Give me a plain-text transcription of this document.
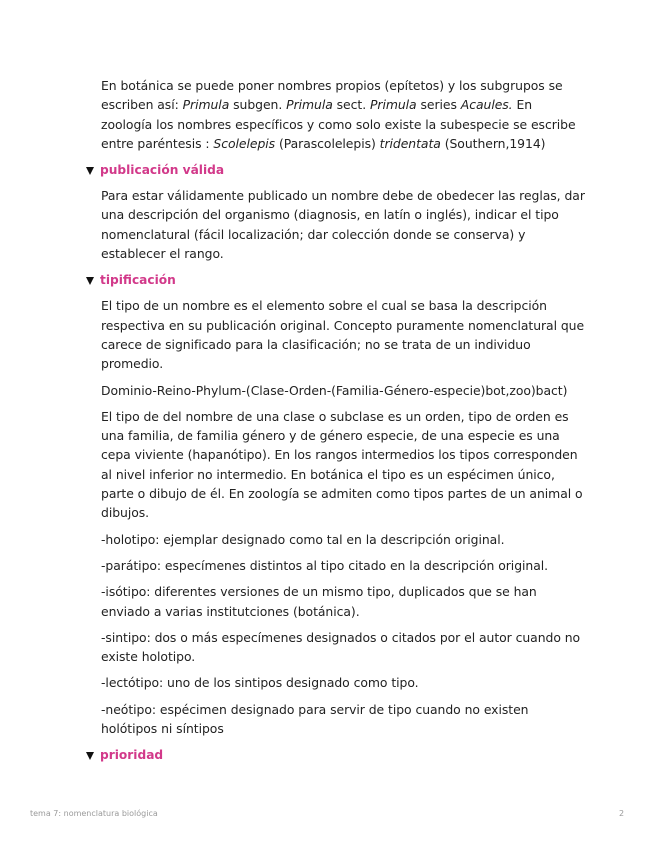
En botánica se puede poner nombres propios (epítetos) y los subgrupos se escriben así: Primula subgen. Primula sect. Primula series Acaules. En zoología los nombres específicos y como solo existe la subespecie se escribe entre paréntesis : Scolelepis (Parascolelepis) tridentata (Southern,1914)

publicación válida

Para estar válidamente publicado un nombre debe de obedecer las reglas, dar una descripción del organismo (diagnosis, en latín o inglés), indicar el tipo nomenclatural (fácil localización; dar colección donde se conserva) y establecer el rango.

tipificación

El tipo de un nombre es el elemento sobre el cual se basa la descripción respectiva en su publicación original. Concepto puramente nomenclatural que carece de significado para la clasificación; no se trata de un individuo promedio.

Dominio-Reino-Phylum-(Clase-Orden-(Familia-Género-especie)bot,zoo)bact)

El tipo de del nombre de una clase o subclase es un orden, tipo de orden es una familia, de familia género y de género especie, de una especie es una cepa viviente (hapanótipo). En los rangos intermedios los tipos corresponden al nivel inferior no intermedio. En botánica el tipo es un espécimen único, parte o dibujo de él. En zoología se admiten como tipos partes de un animal o dibujos.

-holotipo: ejemplar designado como tal en la descripción original.

-parátipo: especímenes distintos al tipo citado en la descripción original.

-isótipo: diferentes versiones de un mismo tipo, duplicados que se han enviado a varias institutciones (botánica).

-sintipo: dos o más especímenes designados o citados por el autor cuando no existe holotipo.

-lectótipo: uno de los sintipos designado como tipo.

-neótipo: espécimen designado para servir de tipo cuando no existen holótipos ni síntipos

prioridad
tema 7: nomenclatura biológica	2
